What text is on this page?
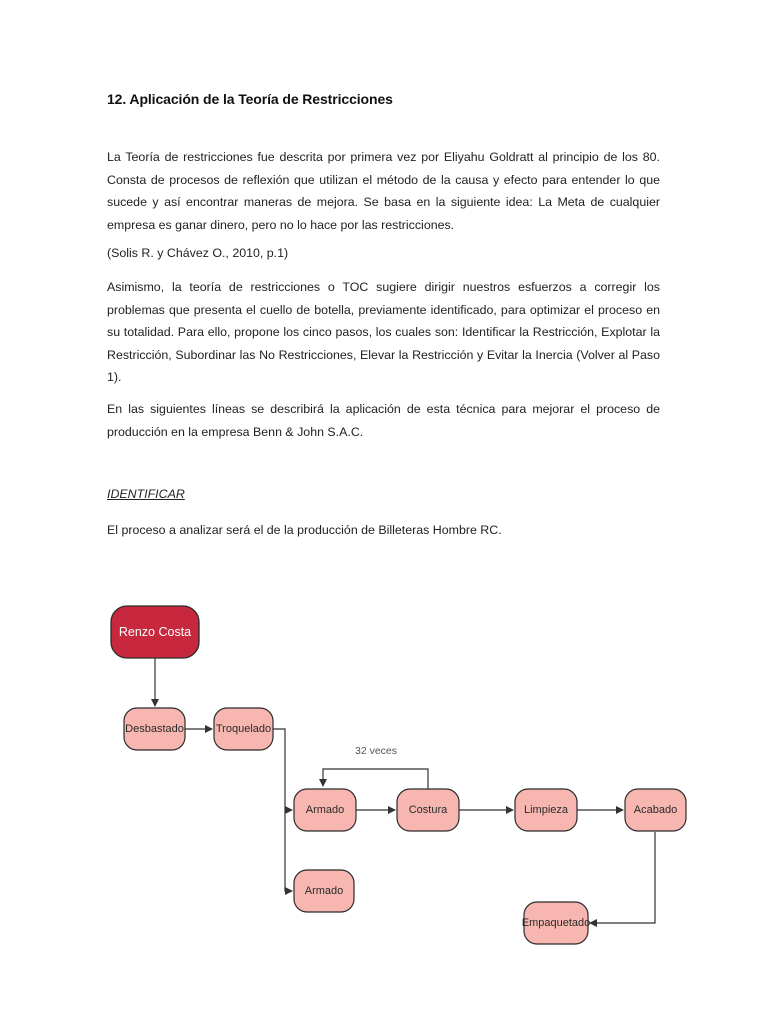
12. Aplicación de la Teoría de Restricciones

La Teoría de restricciones fue descrita por primera vez por Eliyahu Goldratt al principio de los 80. Consta de procesos de reflexión que utilizan el método de la causa y efecto para entender lo que sucede y así encontrar maneras de mejora. Se basa en la siguiente idea: La Meta de cualquier empresa es ganar dinero, pero no lo hace por las restricciones.

(Solis R. y Chávez O., 2010, p.1)

Asimismo, la teoría de restricciones o TOC sugiere dirigir nuestros esfuerzos a corregir los problemas que presenta el cuello de botella, previamente identificado, para optimizar el proceso en su totalidad. Para ello, propone los cinco pasos, los cuales son: Identificar la Restricción, Explotar la Restricción, Subordinar las No Restricciones, Elevar la Restricción y Evitar la Inercia (Volver al Paso 1).

En las siguientes líneas se describirá la aplicación de esta técnica para mejorar el proceso de producción en la empresa Benn & John S.A.C.

IDENTIFICAR

El proceso a analizar será el de la producción de Billeteras Hombre RC.

32 veces
Renzo Costa
Desbastado	Troquelado
Armado	Costura	Limpieza	Acabado
Armado
Empaquetado
